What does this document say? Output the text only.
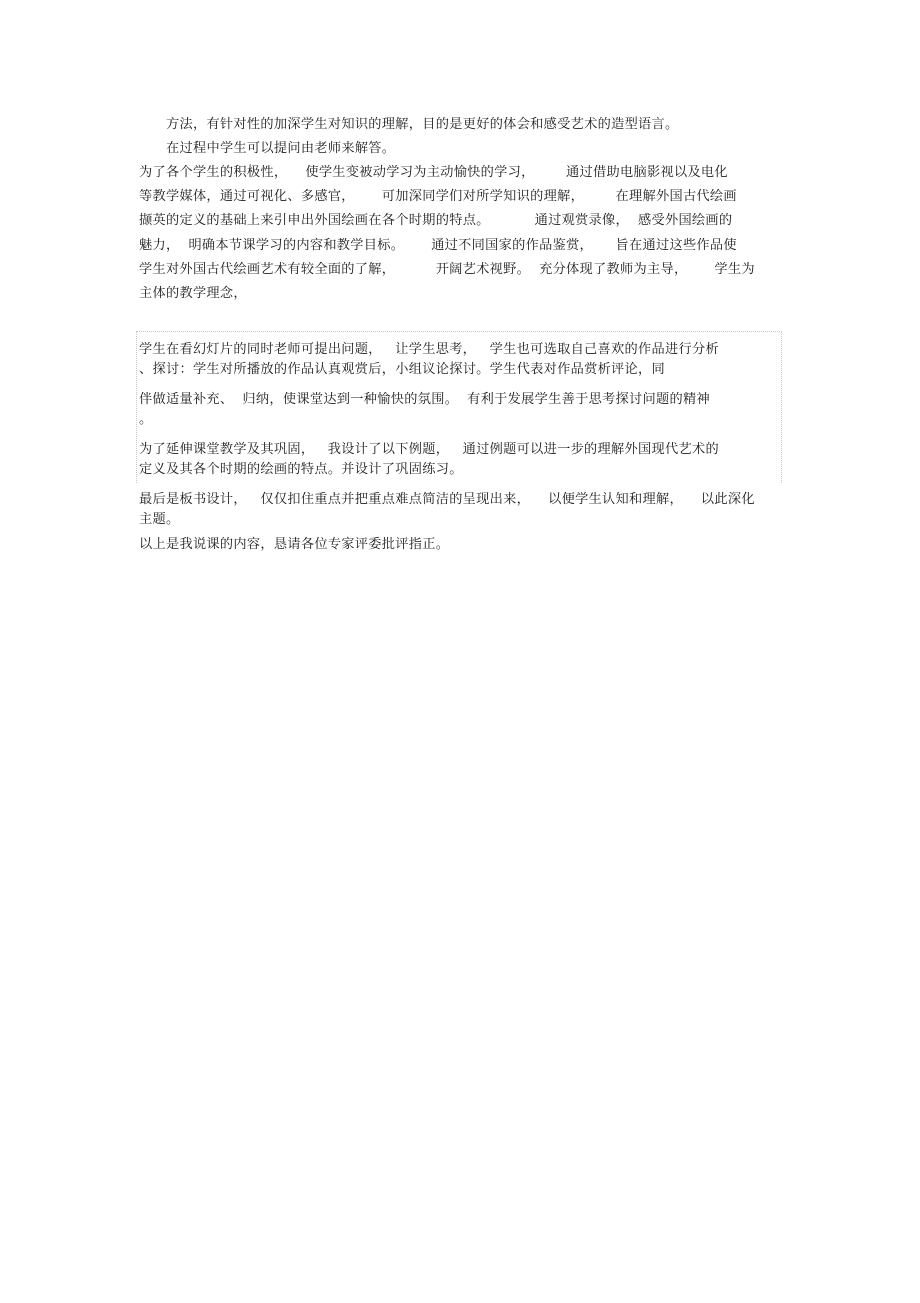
方法，有针对性的加深学生对知识的理解，目的是更好的体会和感受艺术的造型语言。
在过程中学生可以提问由老师来解答。
为了各个学生的积极性，    使学生变被动学习为主动愉快的学习，       通过借助电脑影视以及电化
等教学媒体，通过可视化、多感官，      可加深同学们对所学知识的理解，       在理解外国古代绘画
撷英的定义的基础上来引申出外国绘画在各个时期的特点。          通过观赏录像，  感受外国绘画的
魅力，  明确本节课学习的内容和教学目标。      通过不同国家的作品鉴赏，     旨在通过这些作品使
学生对外国古代绘画艺术有较全面的了解，         开阔艺术视野。  充分体现了教师为主导，      学生为
主体的教学理念，
学生在看幻灯片的同时老师可提出问题，   让学生思考，   学生也可选取自己喜欢的作品进行分析
、探讨：学生对所播放的作品认真观赏后，小组议论探讨。学生代表对作品赏析评论，同
伴做适量补充、  归纳，使课堂达到一种愉快的氛围。  有利于发展学生善于思考探讨问题的精神
。
为了延伸课堂教学及其巩固，   我设计了以下例题，   通过例题可以进一步的理解外国现代艺术的
定义及其各个时期的绘画的特点。并设计了巩固练习。
最后是板书设计，   仅仅扣住重点并把重点难点简洁的呈现出来，    以便学生认知和理解，    以此深化
主题。
以上是我说课的内容，恳请各位专家评委批评指正。
